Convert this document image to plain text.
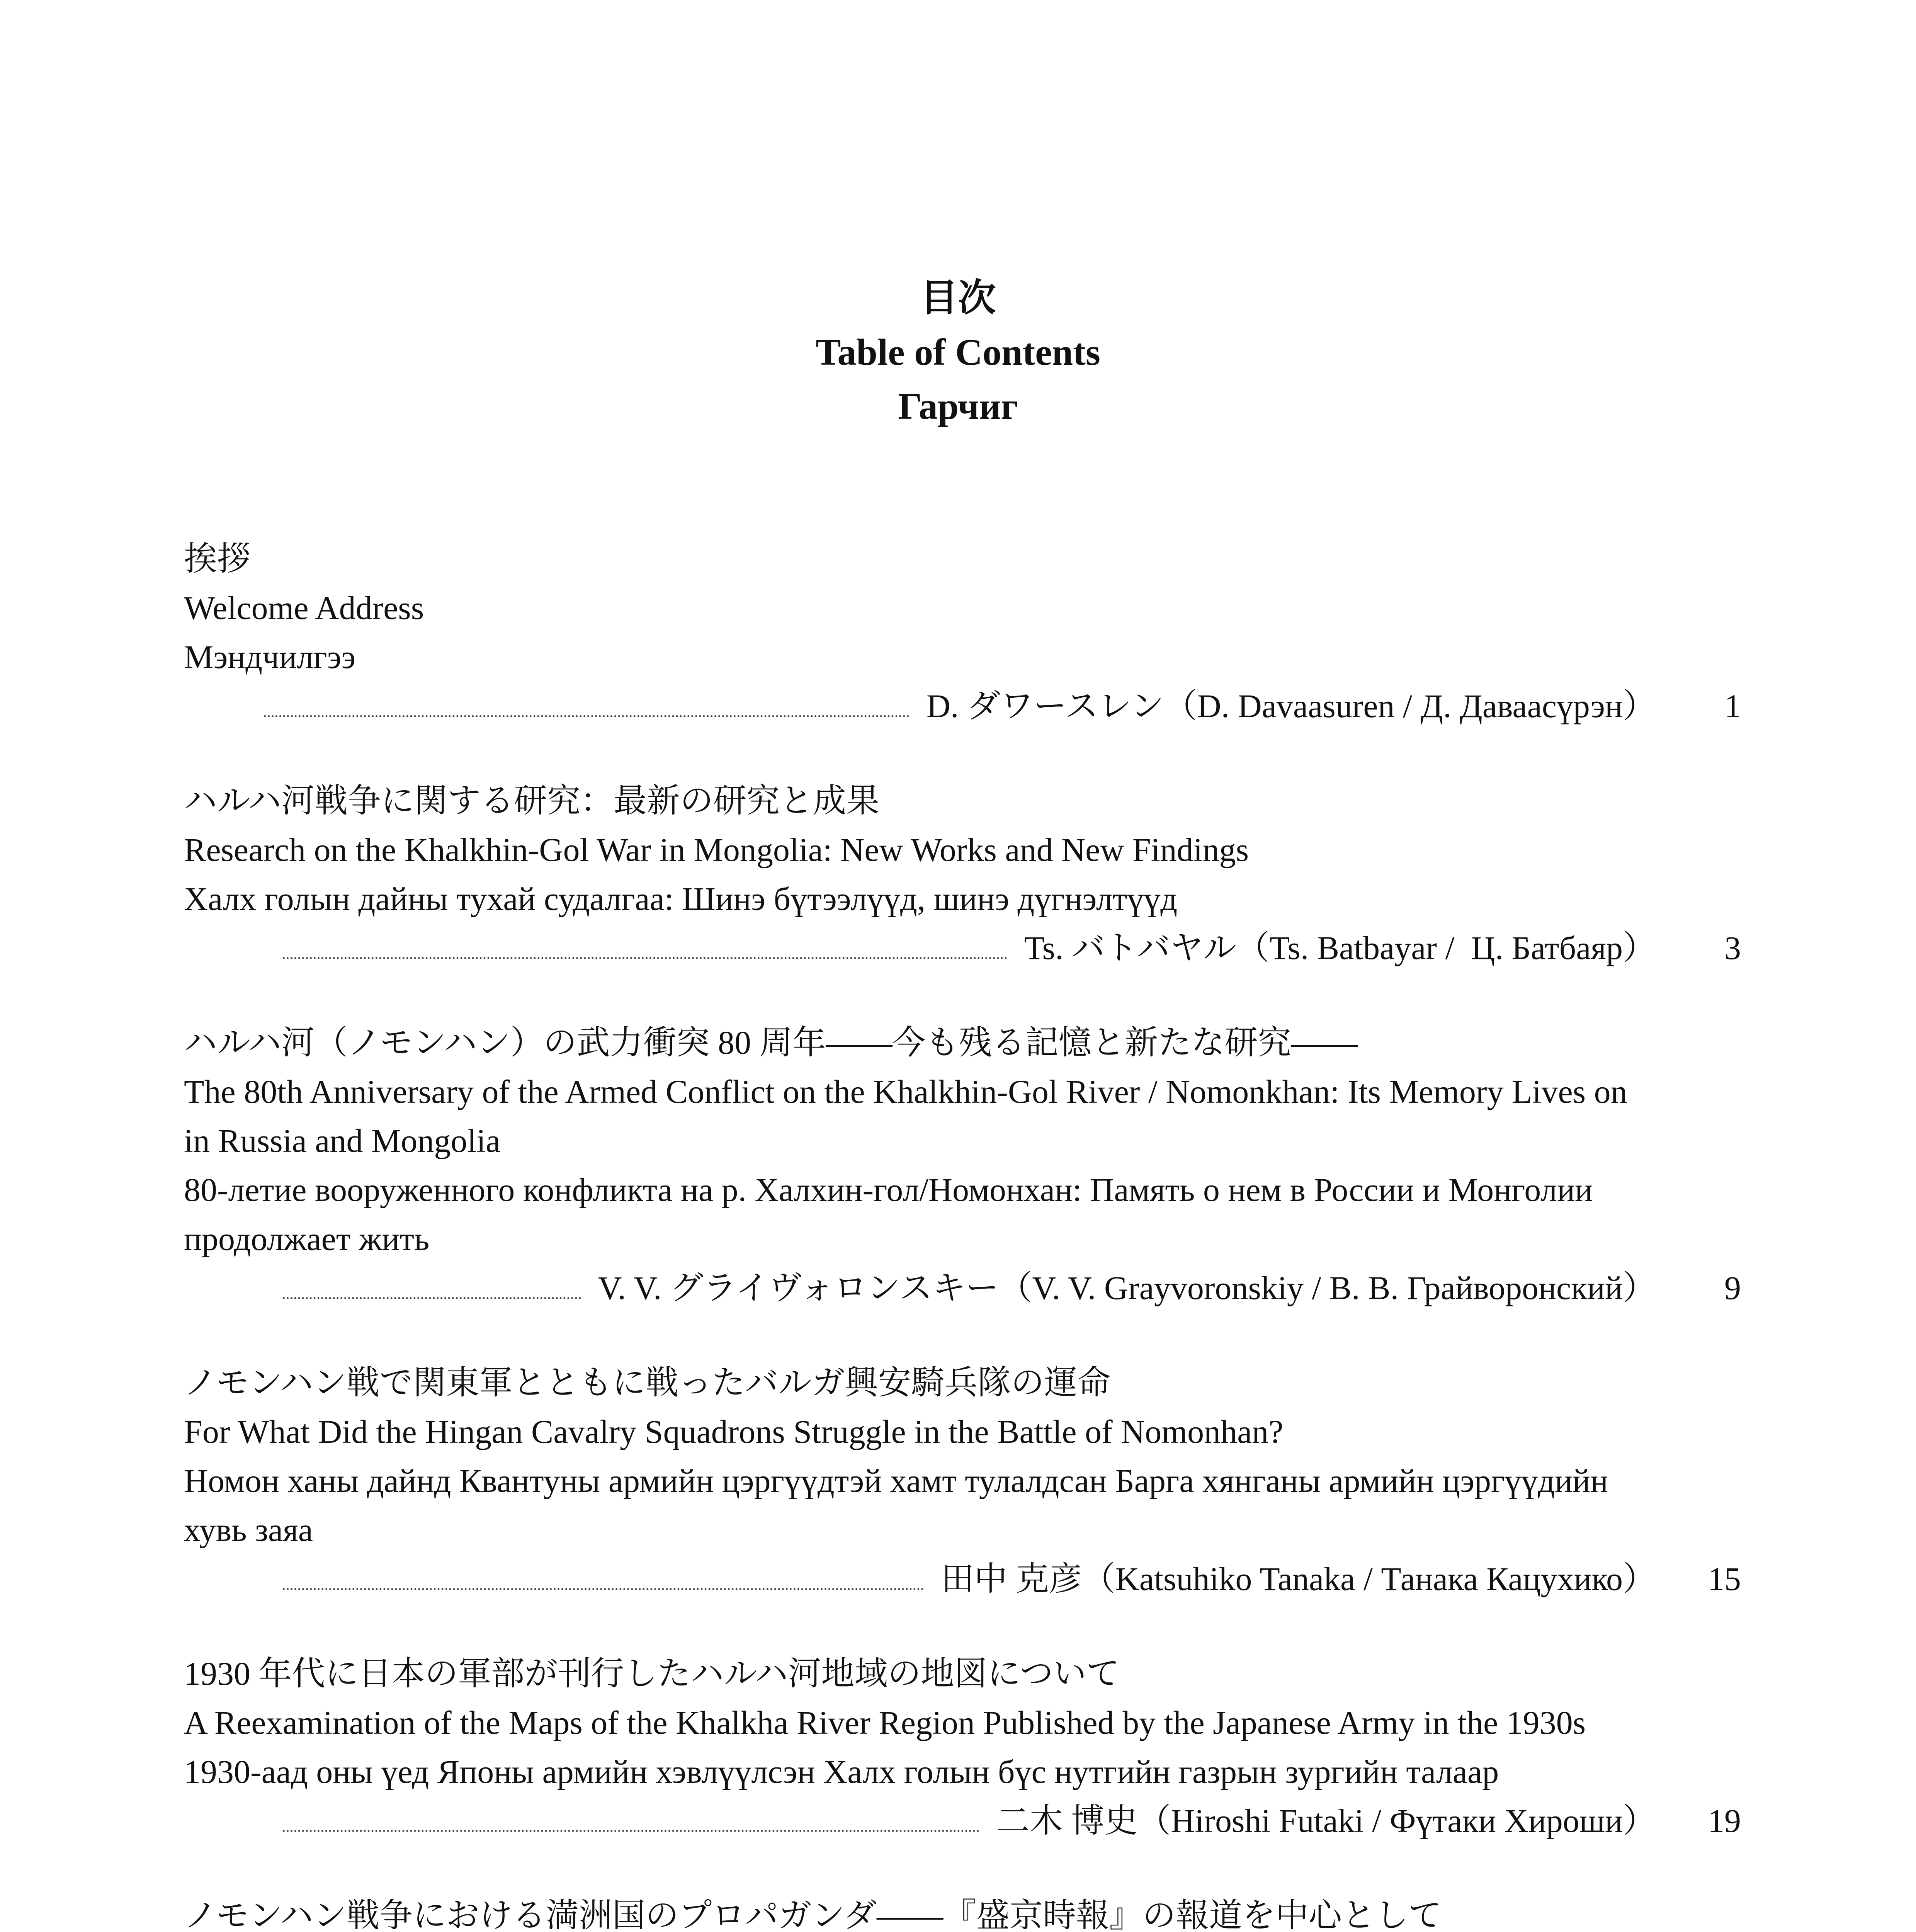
目次
Table of Contents
Гарчиг
挨拶
Welcome Address
Мэндчилгээ
D. ダワースレン（D. Davaasuren / Д. Даваасүрэн）	1
ハルハ河戦争に関する研究：最新の研究と成果
Research on the Khalkhin-Gol War in Mongolia: New Works and New Findings
Халх голын дайны тухай судалгаа: Шинэ бүтээлүүд, шинэ дүгнэлтүүд
Ts. バトバヤル（Ts. Batbayar /  Ц. Батбаяр）	3
ハルハ河（ノモンハン）の武力衝突 80 周年――今も残る記憶と新たな研究――
The 80th Anniversary of the Armed Conflict on the Khalkhin-Gol River / Nomonkhan: Its Memory Lives on
in Russia and Mongolia
80-летие вооруженного конфликта на р. Халхин-гол/Номонхан: Память о нем в России и Монголии
продолжает жить
V. V. グライヴォロンスキー（V. V. Grayvoronskiy / В. В. Грайворонский）	9
ノモンハン戦で関東軍とともに戦ったバルガ興安騎兵隊の運命
For What Did the Hingan Cavalry Squadrons Struggle in the Battle of Nomonhan?
Номон ханы дайнд Квантуны армийн цэргүүдтэй хамт тулалдсан Барга хянганы армийн цэргүүдийн
хувь заяа
田中 克彦（Katsuhiko Tanaka / Танака Кацухико）	15
1930 年代に日本の軍部が刊行したハルハ河地域の地図について
A Reexamination of the Maps of the Khalkha River Region Published by the Japanese Army in the 1930s
1930-аад оны үед Японы армийн хэвлүүлсэн Халх голын бүс нутгийн газрын зургийн талаар
二木 博史（Hiroshi Futaki / Фүтаки Хироши）	19
ノモンハン戦争における満洲国のプロパガンダ――『盛京時報』の報道を中心として
